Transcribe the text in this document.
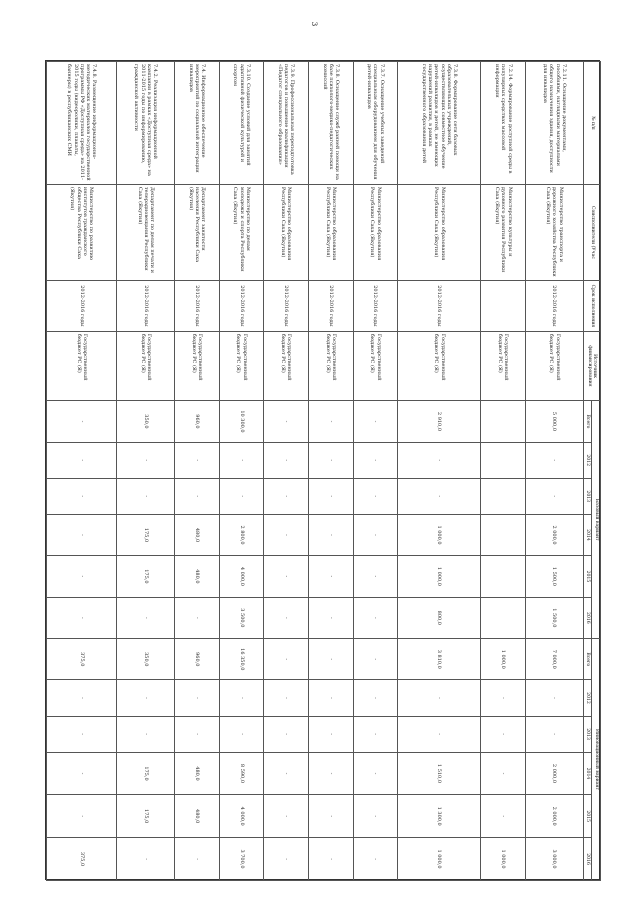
3
№ п/п	Соисполнители (Учаc	Срок исполнения	Источник финансирования	Базовый вариант						Инновационный вариант					
				Всего	2012	2013	2014	2015	2016	Всего	2012	2013	2014	2015	2016
7.2.11. Оснащение документами, пособиями, наглядными материалами общего назначения здания, доступности для инвалидов	Министерство транспорта и дорожного хозяйства Республики Саха (Якутия)	2012-2016 годы	Государственный бюджет РС (Я)	5 000,0	-	-	2 000,0	1 500,0	1 500,0	7 000,0	-	-	2 000,0	2 000,0	3 000,0
7.2.14. Формирование доступной среды в популярных средствах массовой информации	Министерство культуры и духовного развития Республики Саха (Якутия)		Государственный бюджет РС (Я)							1 000,0	-	-	-	-	1 000,0
7.3.8. Формирование сети базовых образовательных учреждений, осуществляющих совместное обучение детей-инвалидов и детей, не имеющих нарушений развития, в рамках государственного образования детей	Министерство образования Республики Саха (Якутия)	2012-2016 годы	Государственный бюджет РС (Я)	2 910,0	-	-	1 000,0	1 000,0	800,0	3 810,0	-	-	1 510,0	1 300,0	1 000,0
7.3.7. Оснащение учебных заведений специальным оборудованием для обучения детей-инвалидов	Министерство образования Республики Саха (Якутия)	2012-2016 годы	Государственный бюджет РС (Я)	-	-	-	-	-	-	-	-	-	-	-	-
7.3.8. Оснащение служб ранней помощи на базе психолого-медико-педагогических комиссий	Министерство образования Республики Саха (Якутия)	2012-2016 годы	Государственный бюджет РС (Я)	-	-	-	-	-	-	-	-	-	-	-	-
7.3.9. Профессиональная переподготовка педагогов и повышение квалификации «Педагог специального образования»	Министерство образования Республики Саха (Якутия)	2012-2016 годы	Государственный бюджет РС (Я)	-	-	-	-	-	-	-	-	-	-	-	-
7.3.10. Создание условий для занятий адаптивной физической культурой и спортом	Министерство по делам молодежи и спорта Республики Саха (Якутия)	2012-2016 годы	Государственный бюджет РС (Я)	10 300,0	-	-	2 800,0	4 000,0	3 500,0	16 350,0	-	-	8 590,0	4 000,0	3 700,0
7.4. Информационное обеспечение мероприятий по социальной интеграции инвалидов	Департамент занятости населения Республики Саха (Якутия)	2012-2016 годы	Государственный бюджет РС (Я)	960,0	-	-	480,0	480,0	-	960,0	-	-	480,0	480,0	-
7.4.2. Реализация информационной кампании в рамках «Доступная среда» на 2011-2015 годы по информированию, гражданской активности	Департамент по делам печати и телерадиовещания Республики Саха (Якутия)	2012-2016 годы	Государственный бюджет РС (Я)	350,0	-	-	175,0	175,0	-	350,0	-	-	175,0	175,0	-
7.4.8. Размещение информационно-методических материалов государственной программы РФ «Доступная среда» на 2011-2015 годы (видеоролики, плакаты, баннеры) в республиканских СМИ	Министерство по развитию институтов гражданского общества Республики Саха (Якутия)	2012-2016 годы	Государственный бюджет РС (Я)	-	-	-	-	-	-	375,0	-	-	-	-	375,0
